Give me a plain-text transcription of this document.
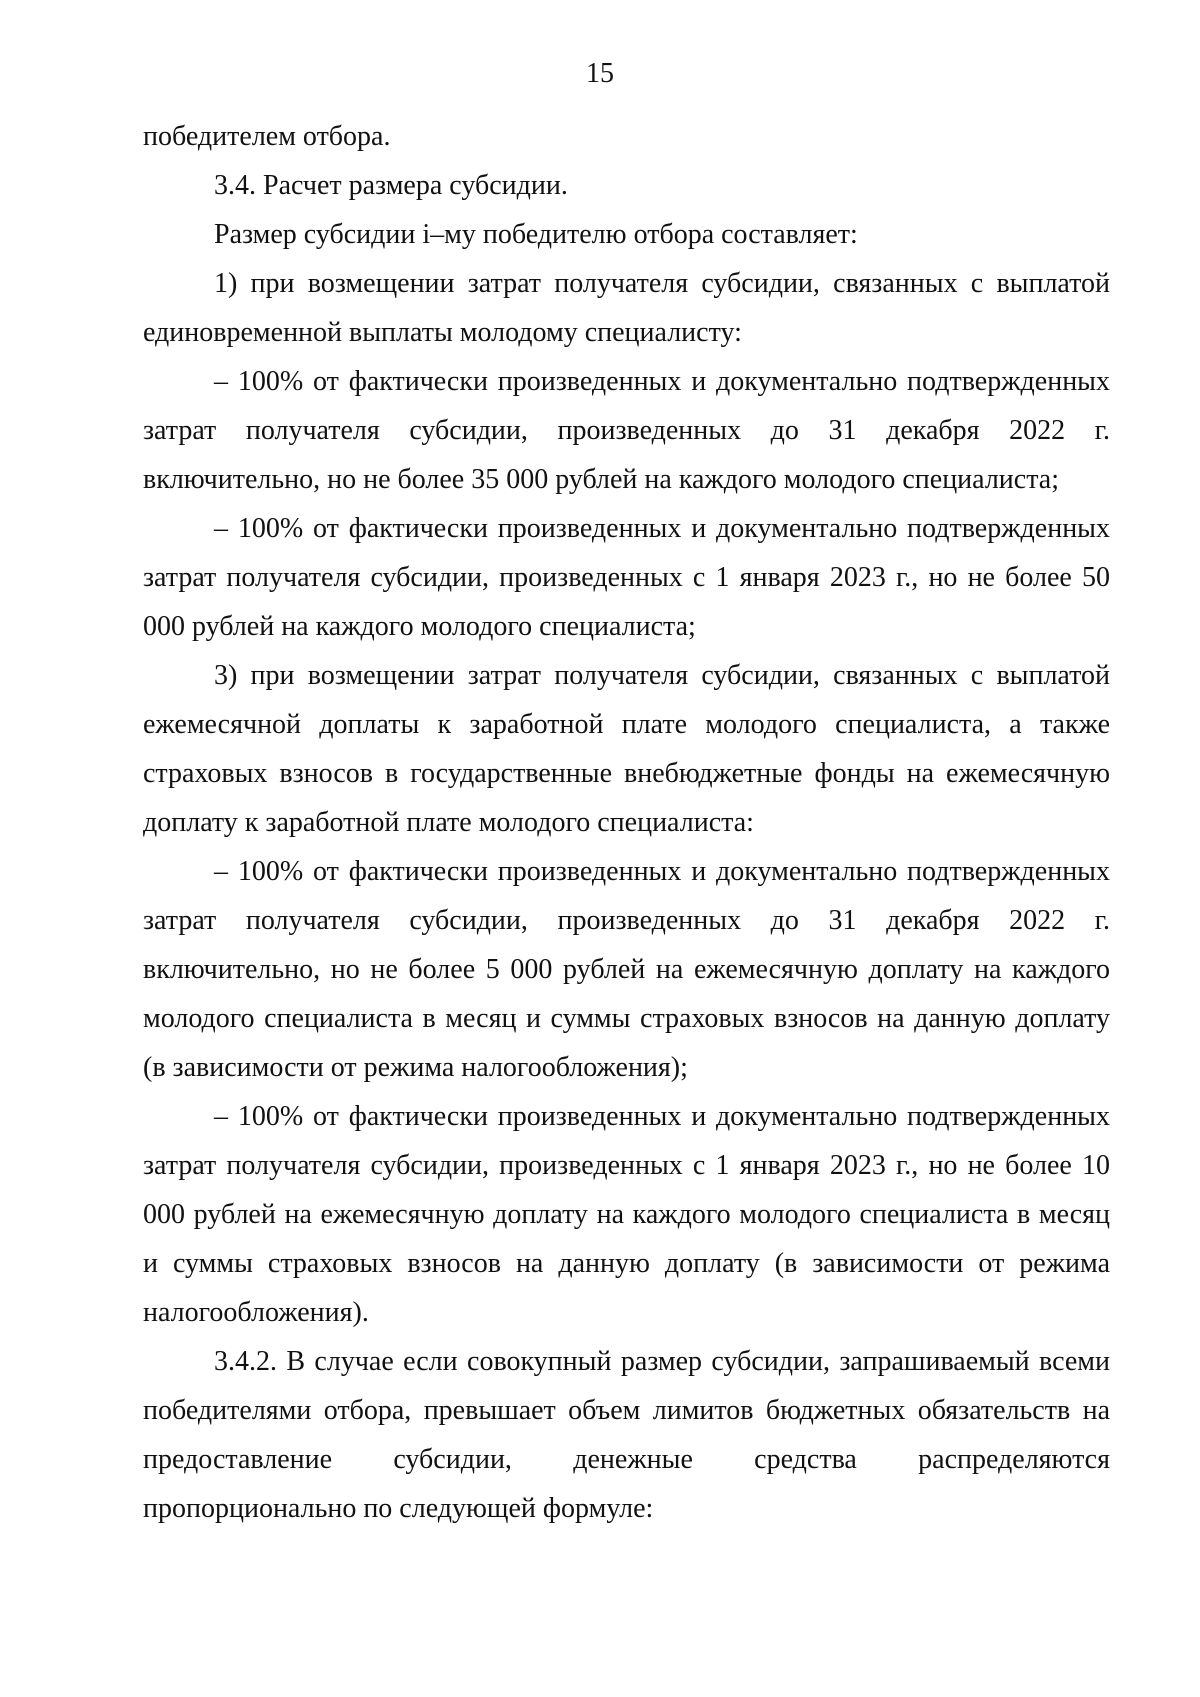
15

победителем отбора.

3.4. Расчет размера субсидии.

Размер субсидии i–му победителю отбора составляет:

1) при возмещении затрат получателя субсидии, связанных с выплатой единовременной выплаты молодому специалисту:

– 100% от фактически произведенных и документально подтвержденных затрат получателя субсидии, произведенных до 31 декабря 2022 г. включительно, но не более 35 000 рублей на каждого молодого специалиста;

– 100% от фактически произведенных и документально подтвержденных затрат получателя субсидии, произведенных с 1 января 2023 г., но не более 50 000 рублей на каждого молодого специалиста;

3) при возмещении затрат получателя субсидии, связанных с выплатой ежемесячной доплаты к заработной плате молодого специалиста, а также страховых взносов в государственные внебюджетные фонды на ежемесячную доплату к заработной плате молодого специалиста:

– 100% от фактически произведенных и документально подтвержденных затрат получателя субсидии, произведенных до 31 декабря 2022 г. включительно, но не более 5 000 рублей на ежемесячную доплату на каждого молодого специалиста в месяц и суммы страховых взносов на данную доплату (в зависимости от режима налогообложения);

– 100% от фактически произведенных и документально подтвержденных затрат получателя субсидии, произведенных с 1 января 2023 г., но не более 10 000 рублей на ежемесячную доплату на каждого молодого специалиста в месяц и суммы страховых взносов на данную доплату (в зависимости от режима налогообложения).

3.4.2. В случае если совокупный размер субсидии, запрашиваемый всеми победителями отбора, превышает объем лимитов бюджетных обязательств на предоставление субсидии, денежные средства распределяются пропорционально по следующей формуле:
